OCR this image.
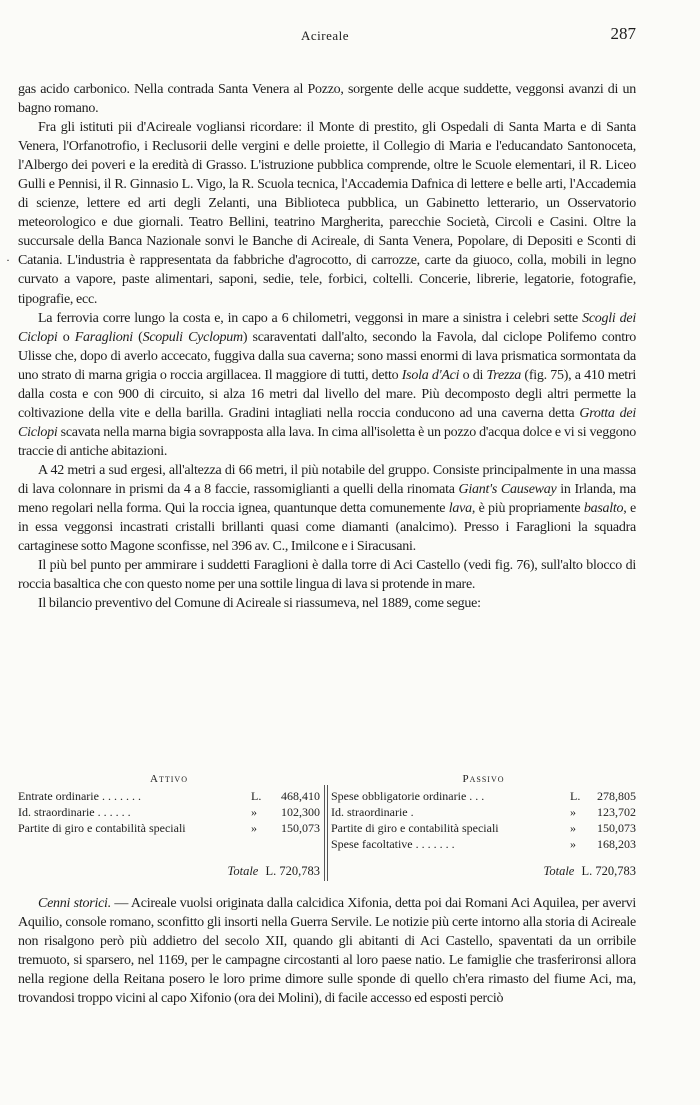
Acireale	287
·

gas acido carbonico. Nella contrada Santa Venera al Pozzo, sorgente delle acque suddette, veggonsi avanzi di un bagno romano.

Fra gli istituti pii d'Acireale vogliansi ricordare: il Monte di prestito, gli Ospedali di Santa Marta e di Santa Venera, l'Orfanotrofio, i Reclusorii delle vergini e delle proiette, il Collegio di Maria e l'educandato Santonoceta, l'Albergo dei poveri e la eredità di Grasso. L'istruzione pubblica comprende, oltre le Scuole elementari, il R. Liceo Gulli e Pennisi, il R. Ginnasio L. Vigo, la R. Scuola tecnica, l'Accademia Dafnica di lettere e belle arti, l'Accademia di scienze, lettere ed arti degli Zelanti, una Biblioteca pubblica, un Gabinetto letterario, un Osservatorio meteorologico e due giornali. Teatro Bellini, teatrino Margherita, parecchie Società, Circoli e Casini. Oltre la succursale della Banca Nazionale sonvi le Banche di Acireale, di Santa Venera, Popolare, di Depositi e Sconti di Catania. L'industria è rappresentata da fabbriche d'agrocotto, di carrozze, carte da giuoco, colla, mobili in legno curvato a vapore, paste alimentari, saponi, sedie, tele, forbici, coltelli. Concerie, librerie, legatorie, fotografie, tipografie, ecc.

La ferrovia corre lungo la costa e, in capo a 6 chilometri, veggonsi in mare a sinistra i celebri sette Scogli dei Ciclopi o Faraglioni (Scopuli Cyclopum) scaraventati dall'alto, secondo la Favola, dal ciclope Polifemo contro Ulisse che, dopo di averlo accecato, fuggiva dalla sua caverna; sono massi enormi di lava prismatica sormontata da uno strato di marna grigia o roccia argillacea. Il maggiore di tutti, detto Isola d'Aci o di Trezza (fig. 75), a 410 metri dalla costa e con 900 di circuito, si alza 16 metri dal livello del mare. Più decomposto degli altri permette la coltivazione della vite e della barilla. Gradini intagliati nella roccia conducono ad una caverna detta Grotta dei Ciclopi scavata nella marna bigia sovrapposta alla lava. In cima all'isoletta è un pozzo d'acqua dolce e vi si veggono traccie di antiche abitazioni.

A 42 metri a sud ergesi, all'altezza di 66 metri, il più notabile del gruppo. Consiste principalmente in una massa di lava colonnare in prismi da 4 a 8 faccie, rassomiglianti a quelli della rinomata Giant's Causeway in Irlanda, ma meno regolari nella forma. Qui la roccia ignea, quantunque detta comunemente lava, è più propriamente basalto, e in essa veggonsi incastrati cristalli brillanti quasi come diamanti (analcimo). Presso i Faraglioni la squadra cartaginese sotto Magone sconfisse, nel 396 av. C., Imilcone e i Siracusani.

Il più bel punto per ammirare i suddetti Faraglioni è dalla torre di Aci Castello (vedi fig. 76), sull'alto blocco di roccia basaltica che con questo nome per una sottile lingua di lava si protende in mare.

Il bilancio preventivo del Comune di Acireale si riassumeva, nel 1889, come segue:

Attivo
Entrate ordinarie . . . . . . .	L. 468,410
Id. straordinarie . . . . . .	» 102,300
Partite di giro e contabilità speciali	» 150,073
Totale L. 720,783
Passivo
Spese obbligatorie ordinarie . . .	L. 278,805
Id. straordinarie .	» 123,702
Partite di giro e contabilità speciali	» 150,073
Spese facoltative . . . . . . .	» 168,203
Totale L. 720,783

Cenni storici. — Acireale vuolsi originata dalla calcidica Xifonia, detta poi dai Romani Aci Aquilea, per avervi Aquilio, console romano, sconfitto gli insorti nella Guerra Servile. Le notizie più certe intorno alla storia di Acireale non risalgono però più addietro del secolo XII, quando gli abitanti di Aci Castello, spaventati da un orribile tremuoto, si sparsero, nel 1169, per le campagne circostanti al loro paese natio. Le famiglie che trasferironsi allora nella regione della Reitana posero le loro prime dimore sulle sponde di quello ch'era rimasto del fiume Aci, ma, trovandosi troppo vicini al capo Xifonio (ora dei Molini), di facile accesso ed esposti perciò
